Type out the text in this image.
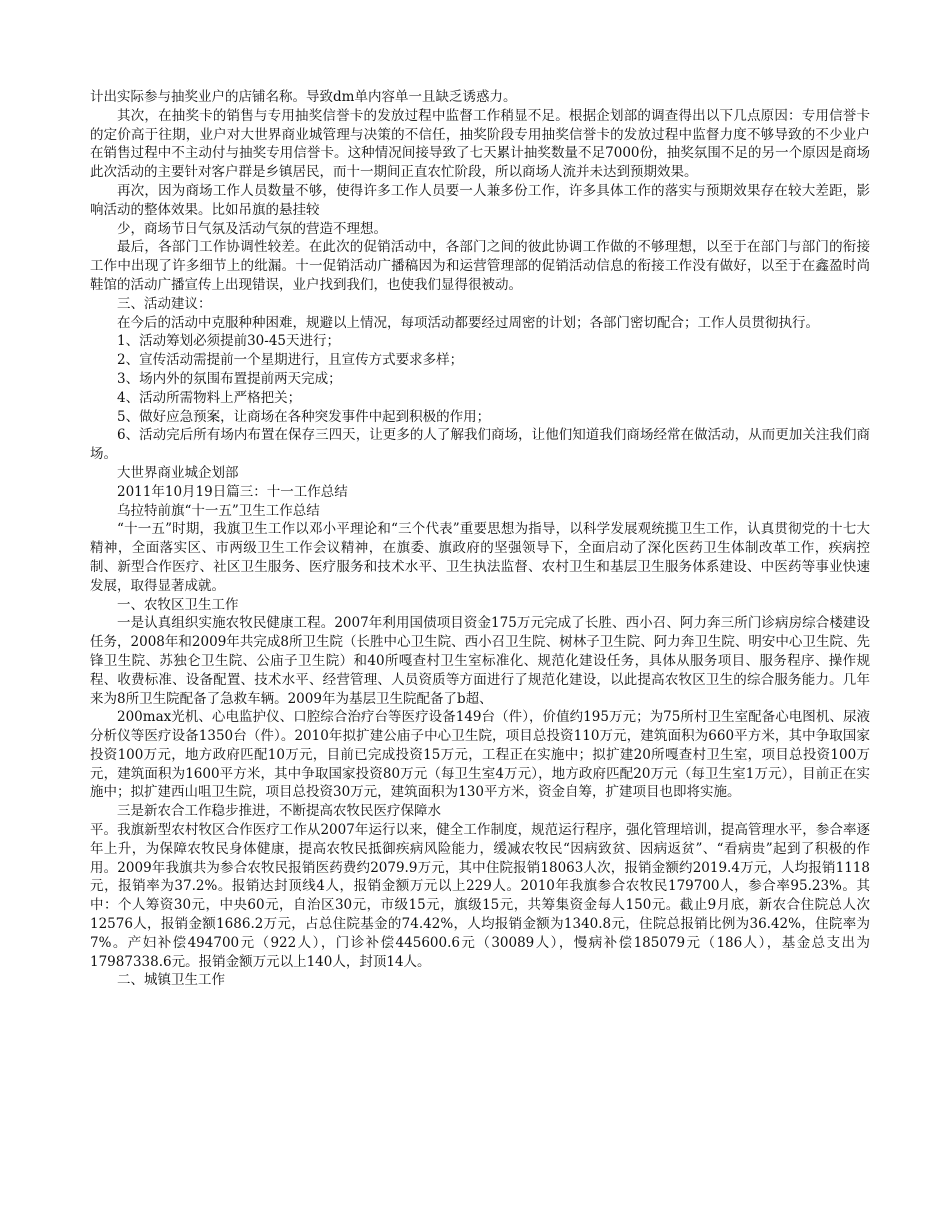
计出实际参与抽奖业户的店铺名称。导致dm单内容单一且缺乏诱惑力。

其次，在抽奖卡的销售与专用抽奖信誉卡的发放过程中监督工作稍显不足。根据企划部的调查得出以下几点原因：专用信誉卡的定价高于往期，业户对大世界商业城管理与决策的不信任，抽奖阶段专用抽奖信誉卡的发放过程中监督力度不够导致的不少业户在销售过程中不主动付与抽奖专用信誉卡。这种情况间接导致了七天累计抽奖数量不足7000份，抽奖氛围不足的另一个原因是商场此次活动的主要针对客户群是乡镇居民，而十一期间正直农忙阶段，所以商场人流并未达到预期效果。

再次，因为商场工作人员数量不够，使得许多工作人员要一人兼多份工作，许多具体工作的落实与预期效果存在较大差距，影响活动的整体效果。比如吊旗的悬挂较

少，商场节日气氛及活动气氛的营造不理想。

最后，各部门工作协调性较差。在此次的促销活动中，各部门之间的彼此协调工作做的不够理想，以至于在部门与部门的衔接工作中出现了许多细节上的纰漏。十一促销活动广播稿因为和运营管理部的促销活动信息的衔接工作没有做好，以至于在鑫盈时尚鞋馆的活动广播宣传上出现错误，业户找到我们，也使我们显得很被动。

三、活动建议：

在今后的活动中克服种种困难，规避以上情况，每项活动都要经过周密的计划；各部门密切配合；工作人员贯彻执行。

1、活动筹划必须提前30-45天进行；

2、宣传活动需提前一个星期进行，且宣传方式要求多样；

3、场内外的氛围布置提前两天完成；

4、活动所需物料上严格把关；

5、做好应急预案，让商场在各种突发事件中起到积极的作用；

6、活动完后所有场内布置在保存三四天，让更多的人了解我们商场，让他们知道我们商场经常在做活动，从而更加关注我们商场。

大世界商业城企划部

2011年10月19日篇三：十一工作总结

乌拉特前旗“十一五”卫生工作总结

“十一五”时期，我旗卫生工作以邓小平理论和“三个代表”重要思想为指导，以科学发展观统揽卫生工作，认真贯彻党的十七大精神，全面落实区、市两级卫生工作会议精神，在旗委、旗政府的坚强领导下，全面启动了深化医药卫生体制改革工作，疾病控制、新型合作医疗、社区卫生服务、医疗服务和技术水平、卫生执法监督、农村卫生和基层卫生服务体系建设、中医药等事业快速发展，取得显著成就。

一、农牧区卫生工作

一是认真组织实施农牧民健康工程。2007年利用国债项目资金175万元完成了长胜、西小召、阿力奔三所门诊病房综合楼建设任务，2008年和2009年共完成8所卫生院（长胜中心卫生院、西小召卫生院、树林子卫生院、阿力奔卫生院、明安中心卫生院、先锋卫生院、苏独仑卫生院、公庙子卫生院）和40所嘎查村卫生室标准化、规范化建设任务，具体从服务项目、服务程序、操作规程、收费标准、设备配置、技术水平、经营管理、人员资质等方面进行了规范化建设，以此提高农牧区卫生的综合服务能力。几年来为8所卫生院配备了急救车辆。2009年为基层卫生院配备了b超、

200max光机、心电监护仪、口腔综合治疗台等医疗设备149台（件），价值约195万元；为75所村卫生室配备心电图机、尿液分析仪等医疗设备1350台（件）。2010年拟扩建公庙子中心卫生院，项目总投资110万元，建筑面积为660平方米，其中争取国家投资100万元，地方政府匹配10万元，目前已完成投资15万元，工程正在实施中；拟扩建20所嘎查村卫生室，项目总投资100万元，建筑面积为1600平方米，其中争取国家投资80万元（每卫生室4万元），地方政府匹配20万元（每卫生室1万元），目前正在实施中；拟扩建西山咀卫生院，项目总投资30万元，建筑面积为130平方米，资金自筹，扩建项目也即将实施。

三是新农合工作稳步推进，不断提高农牧民医疗保障水

平。我旗新型农村牧区合作医疗工作从2007年运行以来，健全工作制度，规范运行程序，强化管理培训，提高管理水平，参合率逐年上升，为保障农牧民身体健康，提高农牧民抵御疾病风险能力，缓减农牧民“因病致贫、因病返贫”、“看病贵”起到了积极的作用。2009年我旗共为参合农牧民报销医药费约2079.9万元，其中住院报销18063人次，报销金额约2019.4万元，人均报销1118元，报销率为37.2%。报销达封顶线4人，报销金额万元以上229人。2010年我旗参合农牧民179700人，参合率95.23%。其中：个人筹资30元，中央60元，自治区30元，市级15元，旗级15元，共筹集资金每人150元。截止9月底，新农合住院总人次12576人，报销金额1686.2万元，占总住院基金的74.42%，人均报销金额为1340.8元，住院总报销比例为36.42%，住院率为7%。产妇补偿494700元（922人），门诊补偿445600.6元（30089人），慢病补偿185079元（186人），基金总支出为17987338.6元。报销金额万元以上140人，封顶14人。

二、城镇卫生工作
